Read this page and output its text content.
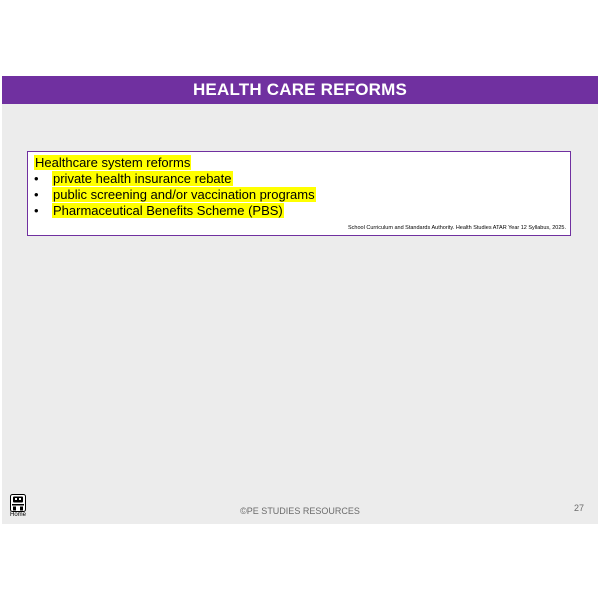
HEALTH CARE REFORMS
Healthcare system reforms
• private health insurance rebate
• public screening and/or vaccination programs
• Pharmaceutical Benefits Scheme (PBS)
School Curriculum and Standards Authority. Health Studies ATAR Year 12 Syllabus, 2025.
Home	©PE STUDIES RESOURCES	27
